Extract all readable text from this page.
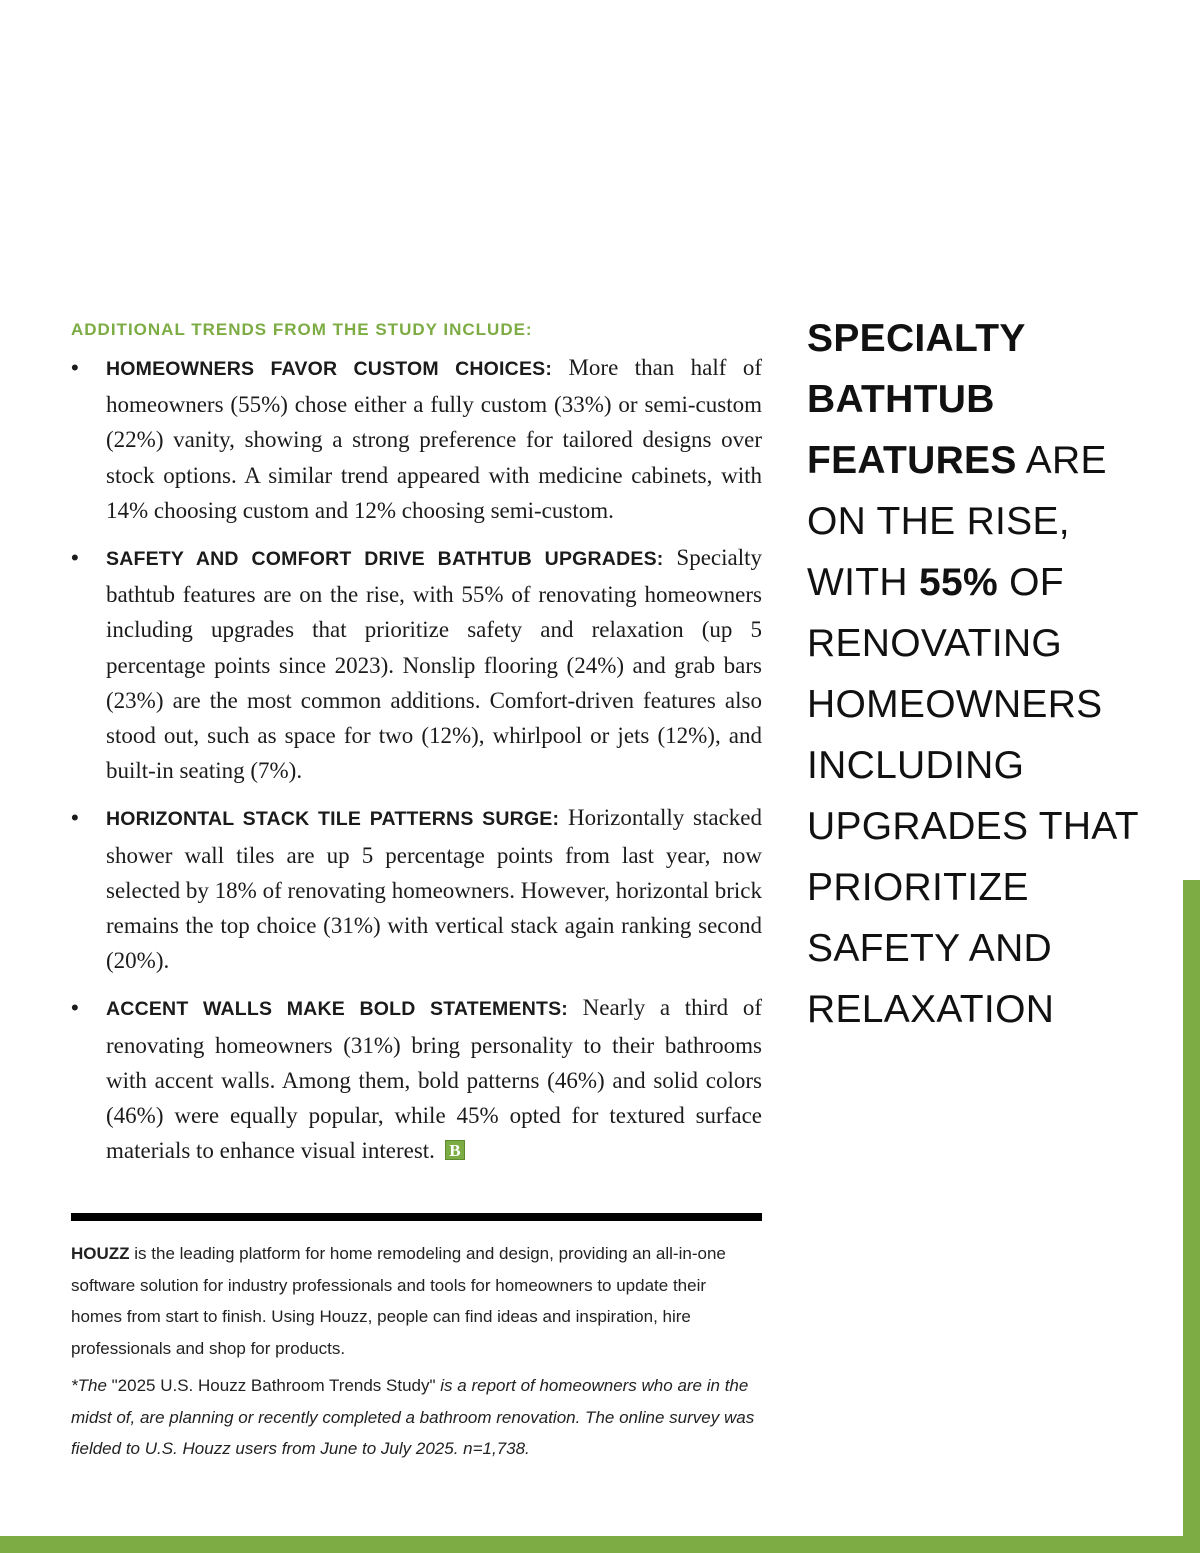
ADDITIONAL TRENDS FROM THE STUDY INCLUDE:
• HOMEOWNERS FAVOR CUSTOM CHOICES: More than half of homeowners (55%) chose either a fully custom (33%) or semi-custom (22%) vanity, showing a strong preference for tailored designs over stock options. A similar trend appeared with medicine cabinets, with 14% choosing custom and 12% choosing semi-custom.
• SAFETY AND COMFORT DRIVE BATHTUB UPGRADES: Specialty bathtub features are on the rise, with 55% of renovating homeowners including upgrades that prioritize safety and relaxation (up 5 percentage points since 2023). Nonslip flooring (24%) and grab bars (23%) are the most common additions. Comfort-driven features also stood out, such as space for two (12%), whirlpool or jets (12%), and built-in seating (7%).
• HORIZONTAL STACK TILE PATTERNS SURGE: Horizontally stacked shower wall tiles are up 5 percentage points from last year, now selected by 18% of renovating homeowners. However, horizontal brick remains the top choice (31%) with vertical stack again ranking second (20%).
• ACCENT WALLS MAKE BOLD STATEMENTS: Nearly a third of renovating homeowners (31%) bring personality to their bathrooms with accent walls. Among them, bold patterns (46%) and solid colors (46%) were equally popular, while 45% opted for textured surface materials to enhance visual interest. B

HOUZZ is the leading platform for home remodeling and design, providing an all-in-one software solution for industry professionals and tools for homeowners to update their homes from start to finish. Using Houzz, people can find ideas and inspiration, hire professionals and shop for products.

*The "2025 U.S. Houzz Bathroom Trends Study" is a report of homeowners who are in the midst of, are planning or recently completed a bathroom renovation. The online survey was fielded to U.S. Houzz users from June to July 2025. n=1,738.

SPECIALTY
BATHTUB
FEATURES ARE
ON THE RISE,
WITH 55% OF
RENOVATING
HOMEOWNERS
INCLUDING
UPGRADES THAT
PRIORITIZE
SAFETY AND
RELAXATION
